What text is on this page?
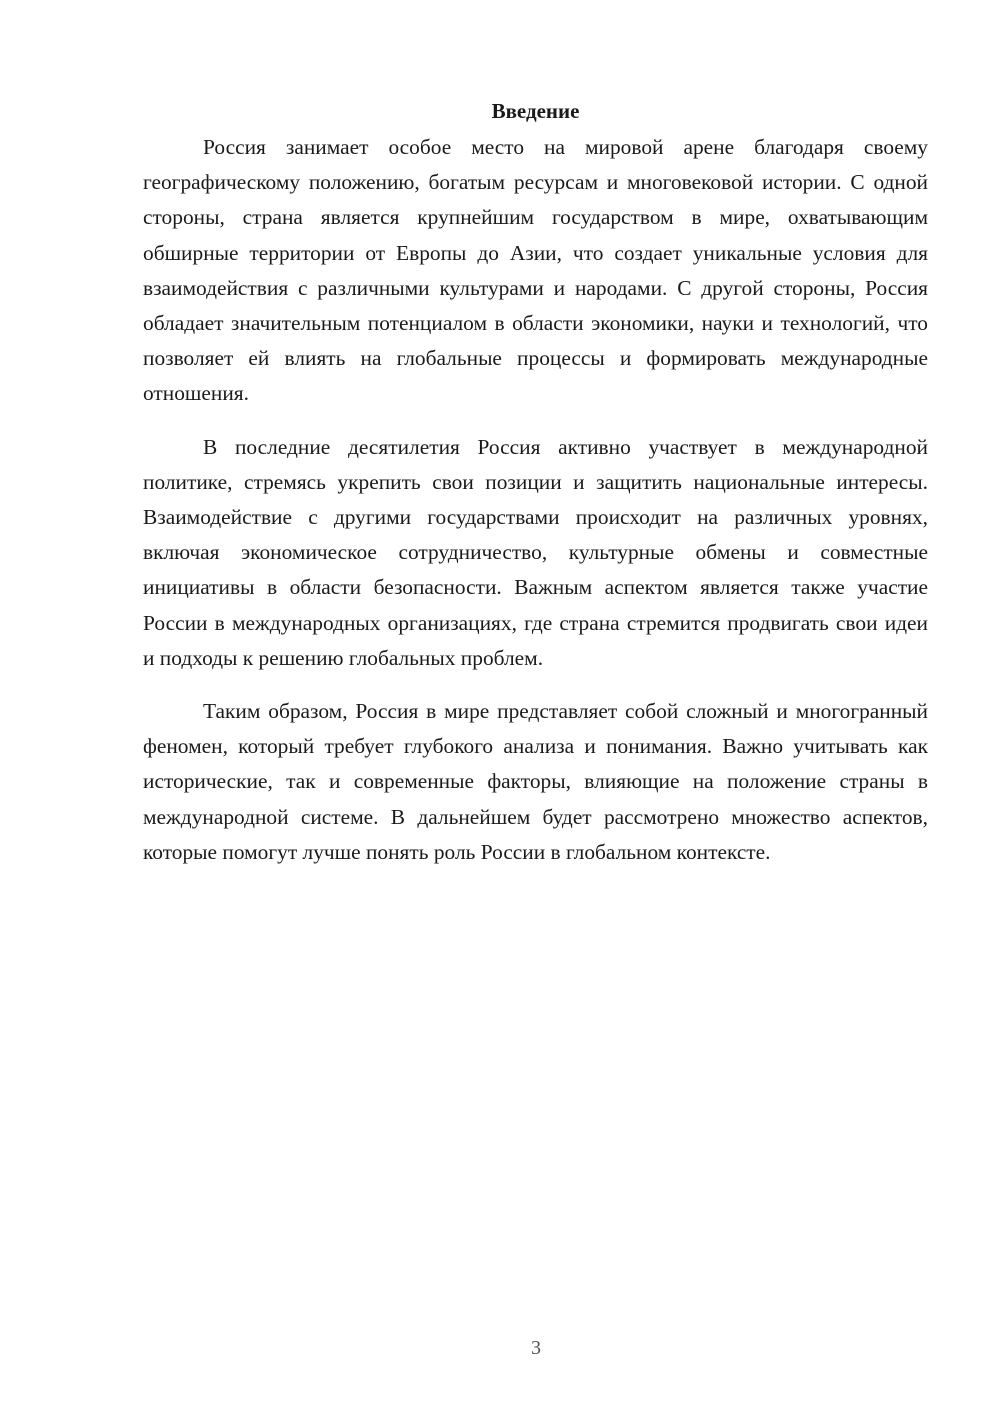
Введение

Россия занимает особое место на мировой арене благодаря своему географическому положению, богатым ресурсам и многовековой истории. С одной стороны, страна является крупнейшим государством в мире, охватывающим обширные территории от Европы до Азии, что создает уникальные условия для взаимодействия с различными культурами и народами. С другой стороны, Россия обладает значительным потенциалом в области экономики, науки и технологий, что позволяет ей влиять на глобальные процессы и формировать международные отношения.

В последние десятилетия Россия активно участвует в международной политике, стремясь укрепить свои позиции и защитить национальные интересы. Взаимодействие с другими государствами происходит на различных уровнях, включая экономическое сотрудничество, культурные обмены и совместные инициативы в области безопасности. Важным аспектом является также участие России в международных организациях, где страна стремится продвигать свои идеи и подходы к решению глобальных проблем.

Таким образом, Россия в мире представляет собой сложный и многогранный феномен, который требует глубокого анализа и понимания. Важно учитывать как исторические, так и современные факторы, влияющие на положение страны в международной системе. В дальнейшем будет рассмотрено множество аспектов, которые помогут лучше понять роль России в глобальном контексте.

3
